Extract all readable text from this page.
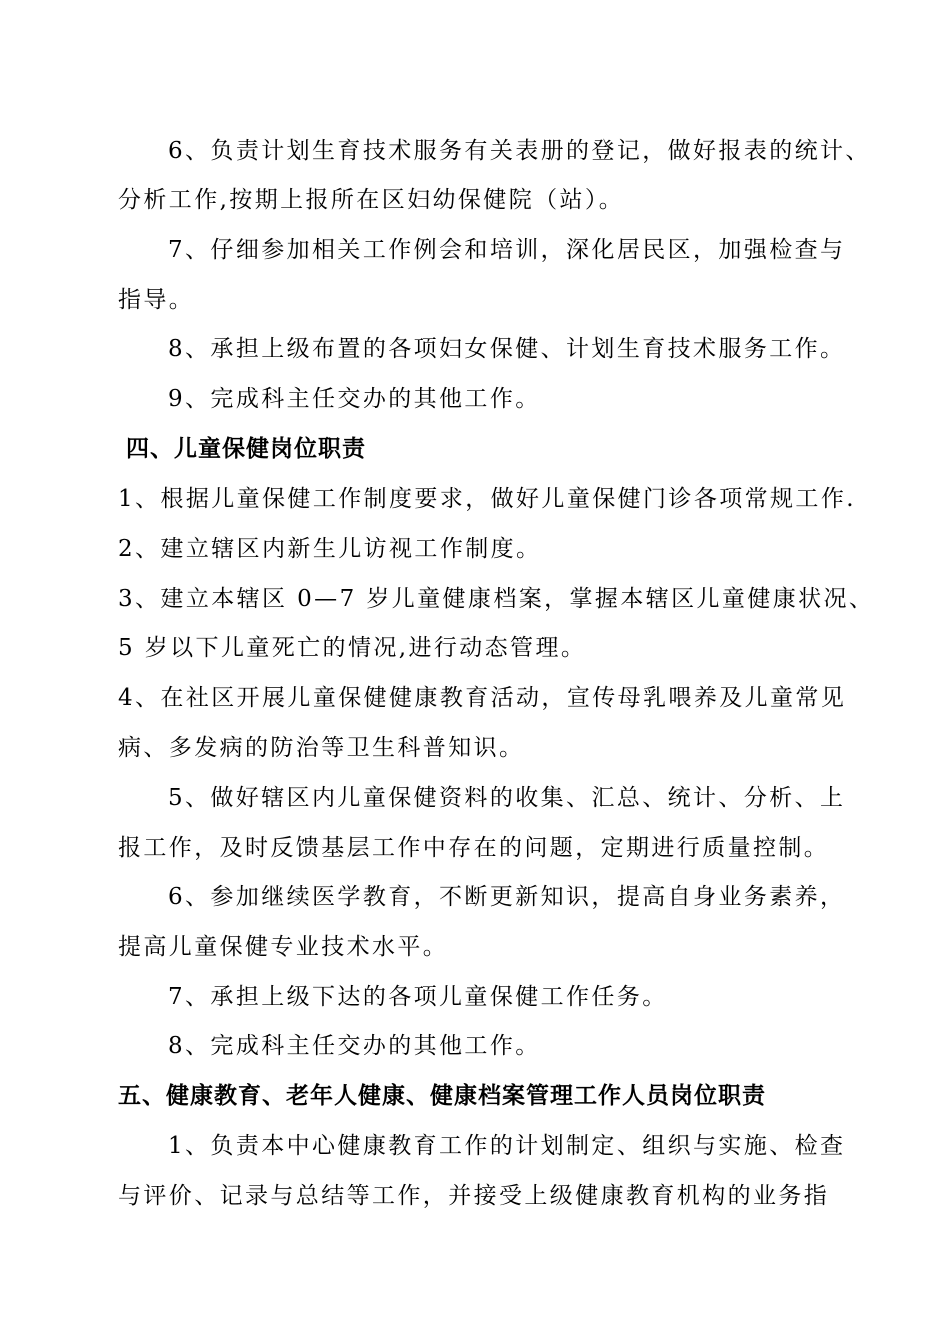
6、负责计划生育技术服务有关表册的登记，做好报表的统计、
分析工作,按期上报所在区妇幼保健院（站）。
7、仔细参加相关工作例会和培训，深化居民区，加强检查与
指导。
8、承担上级布置的各项妇女保健、计划生育技术服务工作。
9、完成科主任交办的其他工作。
四、儿童保健岗位职责
1、根据儿童保健工作制度要求，做好儿童保健门诊各项常规工作.
2、建立辖区内新生儿访视工作制度。
3、建立本辖区 0—7 岁儿童健康档案，掌握本辖区儿童健康状况、
5 岁以下儿童死亡的情况,进行动态管理。
4、在社区开展儿童保健健康教育活动，宣传母乳喂养及儿童常见
病、多发病的防治等卫生科普知识。
5、做好辖区内儿童保健资料的收集、汇总、统计、分析、上
报工作，及时反馈基层工作中存在的问题，定期进行质量控制。
6、参加继续医学教育，不断更新知识，提高自身业务素养，
提高儿童保健专业技术水平。
7、承担上级下达的各项儿童保健工作任务。
8、完成科主任交办的其他工作。
五、健康教育、老年人健康、健康档案管理工作人员岗位职责
1、负责本中心健康教育工作的计划制定、组织与实施、检查
与评价、记录与总结等工作，并接受上级健康教育机构的业务指
